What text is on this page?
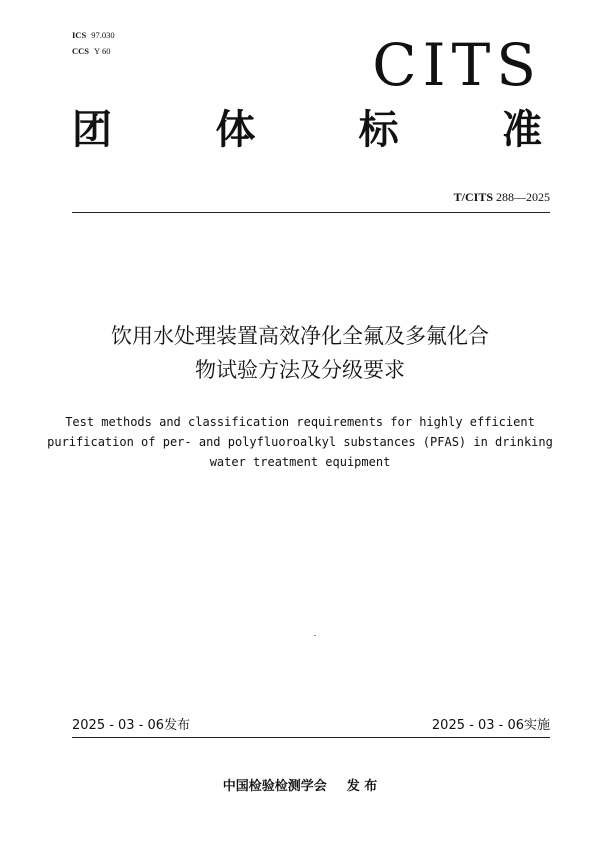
ICS 97.030
CCS Y 60	CITS
团	体	标	准
T/CITS 288—2025
饮用水处理装置高效净化全氟及多氟化合
物试验方法及分级要求
Test methods and classification requirements for highly efficient
purification of per- and polyfluoroalkyl substances (PFAS) in drinking
water treatment equipment
2025 - 03 - 06发布	2025 - 03 - 06实施
中国检验检测学会 发 布
